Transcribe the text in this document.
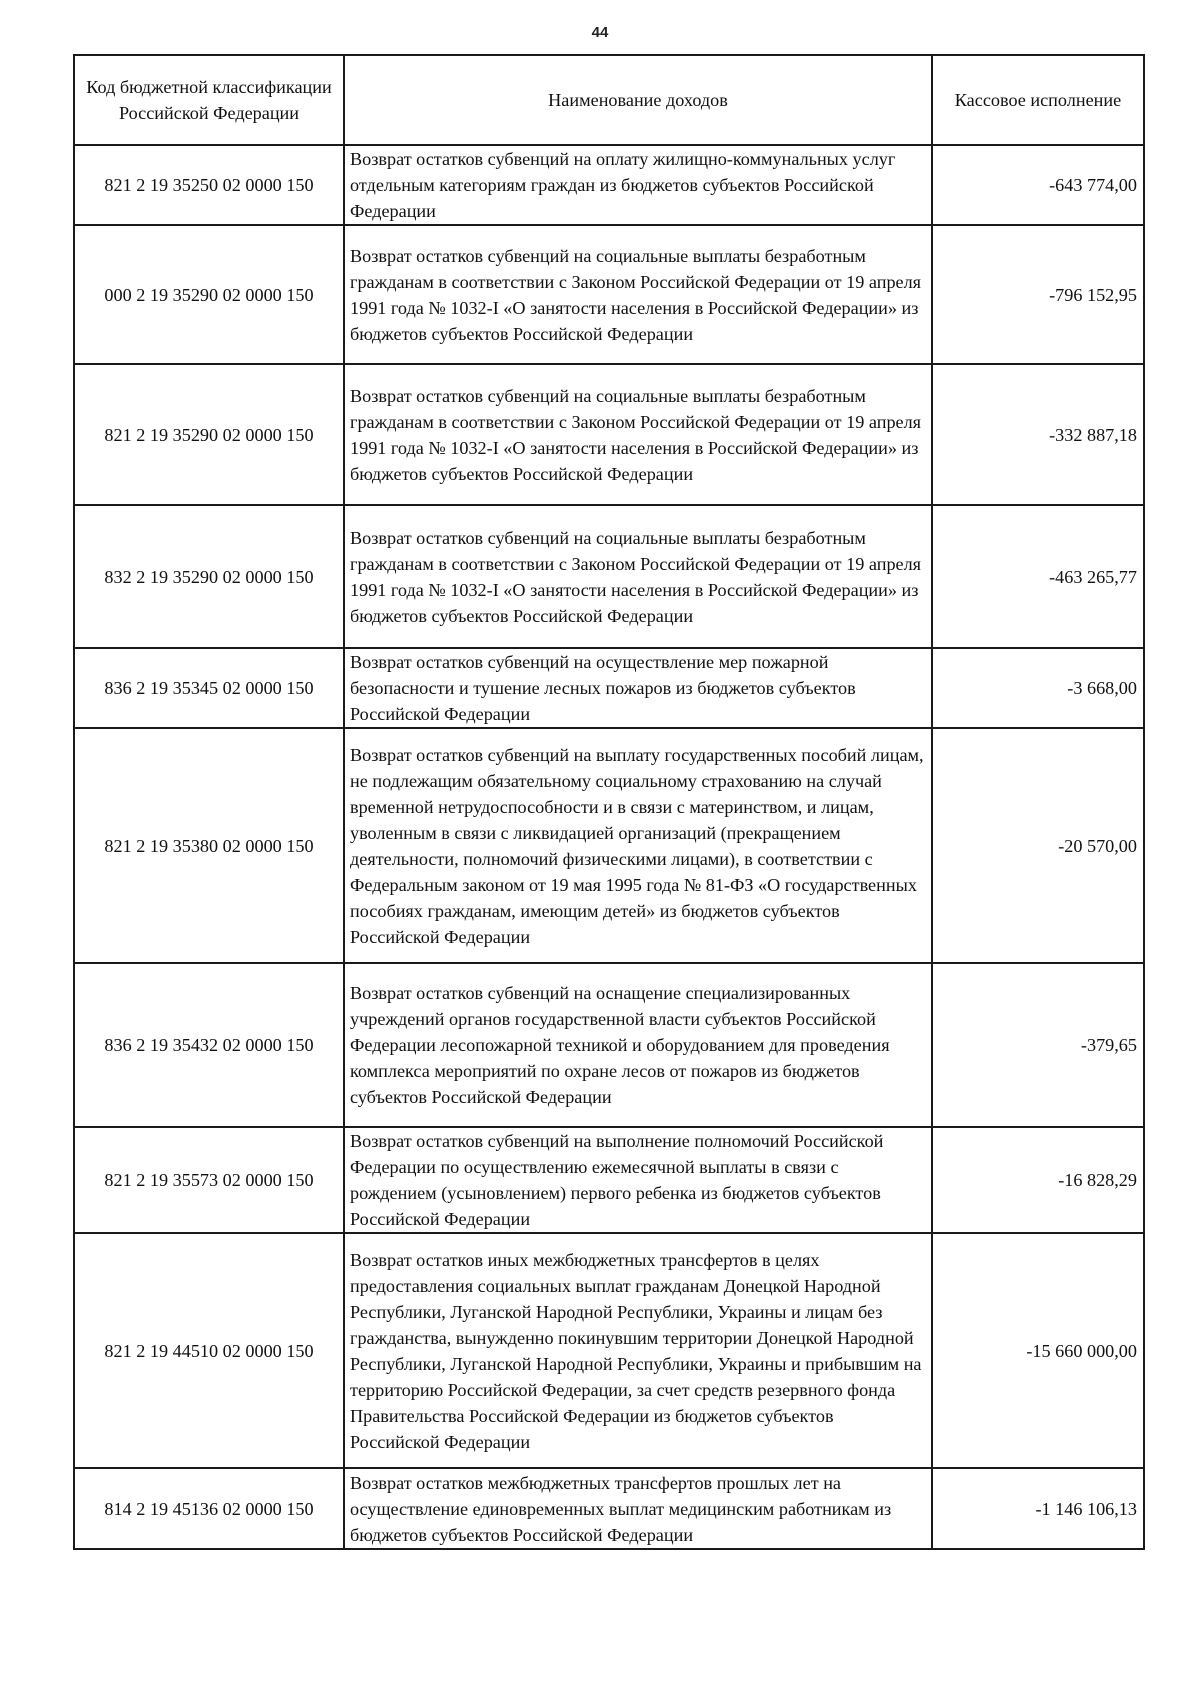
44
Код бюджетной классификации Российской Федерации	Наименование доходов	Кассовое исполнение
821 2 19 35250 02 0000 150	Возврат остатков субвенций на оплату жилищно-коммунальных услуг отдельным категориям граждан из бюджетов субъектов Российской Федерации	-643 774,00
000 2 19 35290 02 0000 150	Возврат остатков субвенций на социальные выплаты безработным гражданам в соответствии с Законом Российской Федерации от 19 апреля 1991 года № 1032-I «О занятости населения в Российской Федерации» из бюджетов субъектов Российской Федерации	-796 152,95
821 2 19 35290 02 0000 150	Возврат остатков субвенций на социальные выплаты безработным гражданам в соответствии с Законом Российской Федерации от 19 апреля 1991 года № 1032-I «О занятости населения в Российской Федерации» из бюджетов субъектов Российской Федерации	-332 887,18
832 2 19 35290 02 0000 150	Возврат остатков субвенций на социальные выплаты безработным гражданам в соответствии с Законом Российской Федерации от 19 апреля 1991 года № 1032-I «О занятости населения в Российской Федерации» из бюджетов субъектов Российской Федерации	-463 265,77
836 2 19 35345 02 0000 150	Возврат остатков субвенций на осуществление мер пожарной безопасности и тушение лесных пожаров из бюджетов субъектов Российской Федерации	-3 668,00
821 2 19 35380 02 0000 150	Возврат остатков субвенций на выплату государственных пособий лицам, не подлежащим обязательному социальному страхованию на случай временной нетрудоспособности и в связи с материнством, и лицам, уволенным в связи с ликвидацией организаций (прекращением деятельности, полномочий физическими лицами), в соответствии с Федеральным законом от 19 мая 1995 года № 81-ФЗ «О государственных пособиях гражданам, имеющим детей» из бюджетов субъектов Российской Федерации	-20 570,00
836 2 19 35432 02 0000 150	Возврат остатков субвенций на оснащение специализированных учреждений органов государственной власти субъектов Российской Федерации лесопожарной техникой и оборудованием для проведения комплекса мероприятий по охране лесов от пожаров из бюджетов субъектов Российской Федерации	-379,65
821 2 19 35573 02 0000 150	Возврат остатков субвенций на выполнение полномочий Российской Федерации по осуществлению ежемесячной выплаты в связи с рождением (усыновлением) первого ребенка из бюджетов субъектов Российской Федерации	-16 828,29
821 2 19 44510 02 0000 150	Возврат остатков иных межбюджетных трансфертов в целях предоставления социальных выплат гражданам Донецкой Народной Республики, Луганской Народной Республики, Украины и лицам без гражданства, вынужденно покинувшим территории Донецкой Народной Республики, Луганской Народной Республики, Украины и прибывшим на территорию Российской Федерации, за счет средств резервного фонда Правительства Российской Федерации из бюджетов субъектов Российской Федерации	-15 660 000,00
814 2 19 45136 02 0000 150	Возврат остатков межбюджетных трансфертов прошлых лет на осуществление единовременных выплат медицинским работникам из бюджетов субъектов Российской Федерации	-1 146 106,13
